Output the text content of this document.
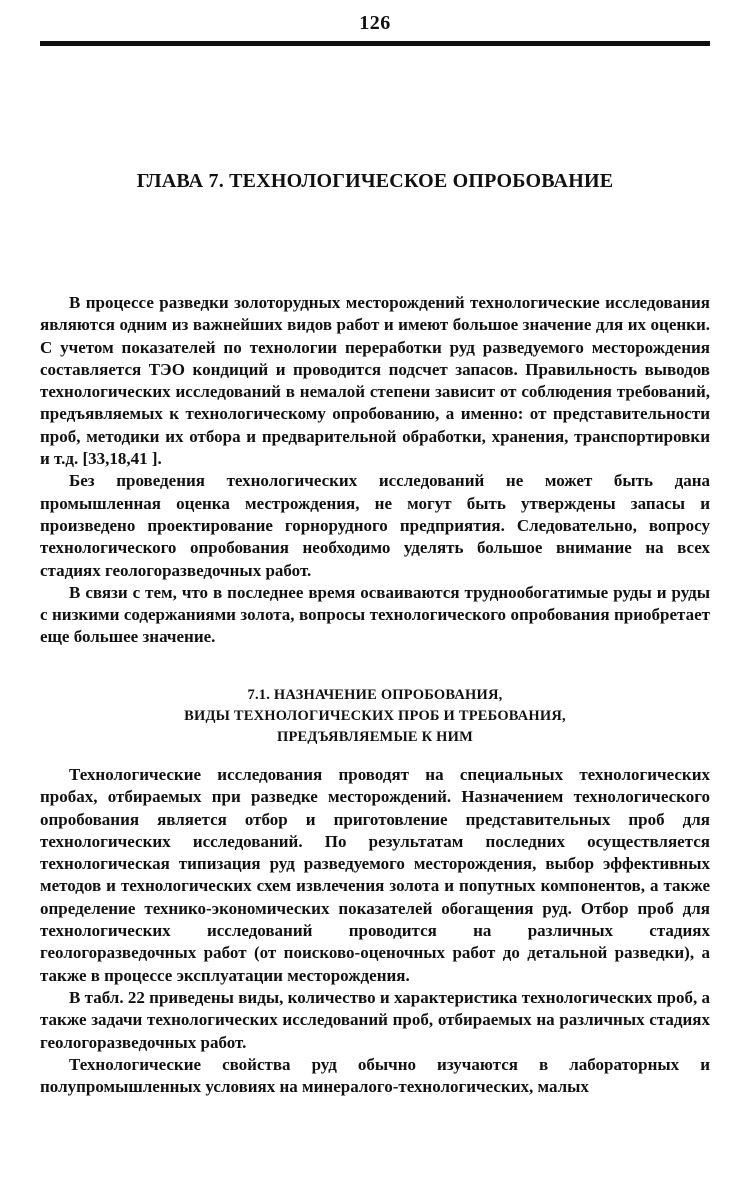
126
ГЛАВА 7. ТЕХНОЛОГИЧЕСКОЕ ОПРОБОВАНИЕ

В процессе разведки золоторудных месторождений технологические исследования являются одним из важнейших видов работ и имеют большое значение для их оценки. С учетом показателей по технологии переработки руд разведуемого месторождения составляется ТЭО кондиций и проводится подсчет запасов. Правильность выводов технологических исследований в немалой степени зависит от соблюдения требований, предъявляемых к технологическому опробованию, а именно: от представительности проб, методики их отбора и предварительной обработки, хранения, транспортировки и т.д. [33,18,41 ].

Без проведения технологических исследований не может быть дана промышленная оценка местрождения, не могут быть утверждены запасы и произведено проектирование горнорудного предприятия. Следовательно, вопросу технологического опробования необходимо уделять большое внимание на всех стадиях геологоразведочных работ.

В связи с тем, что в последнее время осваиваются труднообогатимые руды и руды с низкими содержаниями золота, вопросы технологического опробования приобретает еще большее значение.

7.1. НАЗНАЧЕНИЕ ОПРОБОВАНИЯ,
ВИДЫ ТЕХНОЛОГИЧЕСКИХ ПРОБ И ТРЕБОВАНИЯ,
ПРЕДЪЯВЛЯЕМЫЕ К НИМ

Технологические исследования проводят на специальных технологических пробах, отбираемых при разведке месторождений. Назначением технологического опробования является отбор и приготовление представительных проб для технологических исследований. По результатам последних осуществляется технологическая типизация руд разведуемого месторождения, выбор эффективных методов и технологических схем извлечения золота и попутных компонентов, а также определение технико-экономических показателей обогащения руд. Отбор проб для технологических исследований проводится на различных стадиях геологоразведочных работ (от поисково-оценочных работ до детальной разведки), а также в процессе эксплуатации месторождения.

В табл. 22 приведены виды, количество и характеристика технологических проб, а также задачи технологических исследований проб, отбираемых на различных стадиях геологоразведочных работ.

Технологические свойства руд обычно изучаются в лабораторных и полупромышленных условиях на минералого-технологических, малых
